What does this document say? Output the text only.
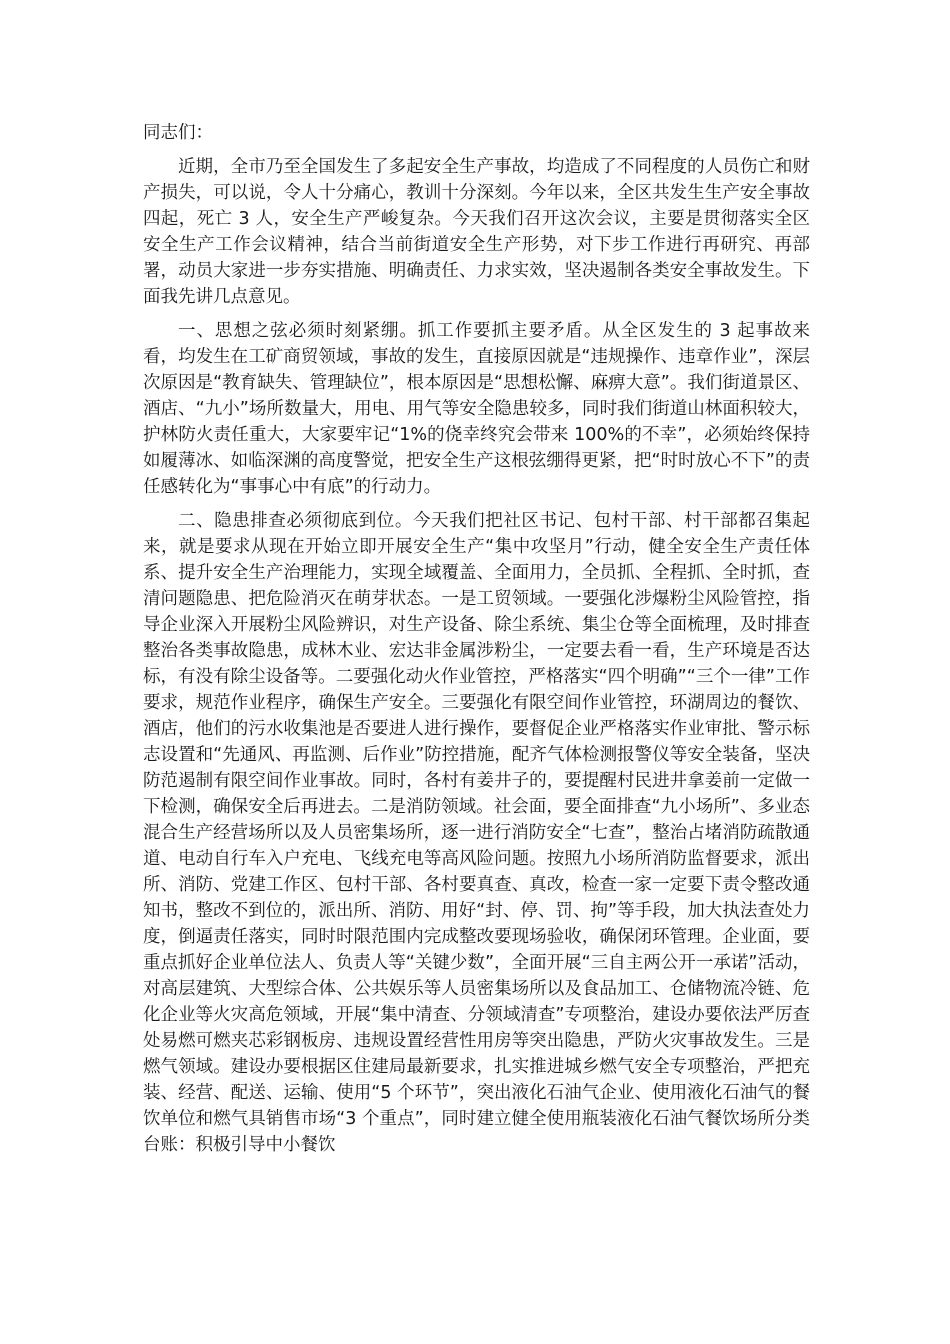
同志们：

近期，全市乃至全国发生了多起安全生产事故，均造成了不同程度的人员伤亡和财产损失，可以说，令人十分痛心，教训十分深刻。今年以来，全区共发生生产安全事故四起，死亡 3 人，安全生产严峻复杂。今天我们召开这次会议，主要是贯彻落实全区安全生产工作会议精神，结合当前街道安全生产形势，对下步工作进行再研究、再部署，动员大家进一步夯实措施、明确责任、力求实效，坚决遏制各类安全事故发生。下面我先讲几点意见。

一、思想之弦必须时刻紧绷。抓工作要抓主要矛盾。从全区发生的 3 起事故来看，均发生在工矿商贸领域，事故的发生，直接原因就是“违规操作、违章作业”，深层次原因是“教育缺失、管理缺位”，根本原因是“思想松懈、麻痹大意”。我们街道景区、酒店、“九小”场所数量大，用电、用气等安全隐患较多，同时我们街道山林面积较大，护林防火责任重大，大家要牢记“1%的侥幸终究会带来 100%的不幸”，必须始终保持如履薄冰、如临深渊的高度警觉，把安全生产这根弦绷得更紧，把“时时放心不下”的责任感转化为“事事心中有底”的行动力。

二、隐患排查必须彻底到位。今天我们把社区书记、包村干部、村干部都召集起来，就是要求从现在开始立即开展安全生产“集中攻坚月”行动，健全安全生产责任体系、提升安全生产治理能力，实现全域覆盖、全面用力，全员抓、全程抓、全时抓，查清问题隐患、把危险消灭在萌芽状态。一是工贸领域。一要强化涉爆粉尘风险管控，指导企业深入开展粉尘风险辨识，对生产设备、除尘系统、集尘仓等全面梳理，及时排查整治各类事故隐患，成林木业、宏达非金属涉粉尘，一定要去看一看，生产环境是否达标，有没有除尘设备等。二要强化动火作业管控，严格落实“四个明确”“三个一律”工作要求，规范作业程序，确保生产安全。三要强化有限空间作业管控，环湖周边的餐饮、酒店，他们的污水收集池是否要进人进行操作，要督促企业严格落实作业审批、警示标志设置和“先通风、再监测、后作业”防控措施，配齐气体检测报警仪等安全装备，坚决防范遏制有限空间作业事故。同时，各村有姜井子的，要提醒村民进井拿姜前一定做一下检测，确保安全后再进去。二是消防领域。社会面，要全面排查“九小场所”、多业态混合生产经营场所以及人员密集场所，逐一进行消防安全“七查”，整治占堵消防疏散通道、电动自行车入户充电、飞线充电等高风险问题。按照九小场所消防监督要求，派出所、消防、党建工作区、包村干部、各村要真查、真改，检查一家一定要下责令整改通知书，整改不到位的，派出所、消防、用好“封、停、罚、拘”等手段，加大执法查处力度，倒逼责任落实，同时时限范围内完成整改要现场验收，确保闭环管理。企业面，要重点抓好企业单位法人、负责人等“关键少数”，全面开展“三自主两公开一承诺”活动，对高层建筑、大型综合体、公共娱乐等人员密集场所以及食品加工、仓储物流冷链、危化企业等火灾高危领域，开展“集中清查、分领域清查”专项整治，建设办要依法严厉查处易燃可燃夹芯彩钢板房、违规设置经营性用房等突出隐患，严防火灾事故发生。三是燃气领域。建设办要根据区住建局最新要求，扎实推进城乡燃气安全专项整治，严把充装、经营、配送、运输、使用“5 个环节”，突出液化石油气企业、使用液化石油气的餐饮单位和燃气具销售市场“3 个重点”，同时建立健全使用瓶装液化石油气餐饮场所分类台账：积极引导中小餐饮
